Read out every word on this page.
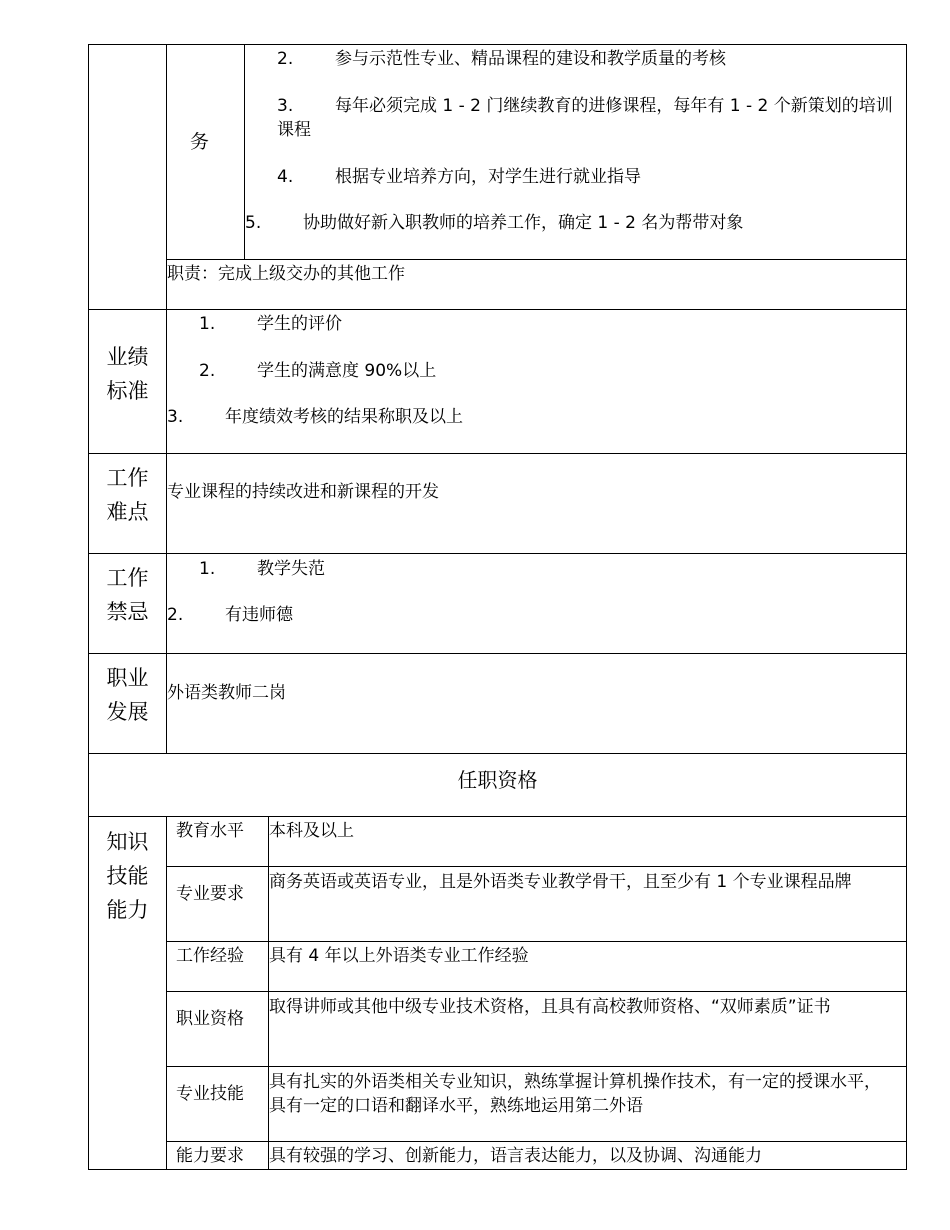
务
2. 参与示范性专业、精品课程的建设和教学质量的考核
3. 每年必须完成 1 - 2 门继续教育的进修课程，每年有 1 - 2 个新策划的培训课程
4. 根据专业培养方向，对学生进行就业指导
5. 协助做好新入职教师的培养工作，确定 1 - 2 名为帮带对象
职责：完成上级交办的其他工作
业绩
标准
1. 学生的评价
2. 学生的满意度 90%以上
3. 年度绩效考核的结果称职及以上
工作
难点
专业课程的持续改进和新课程的开发
工作
禁忌
1. 教学失范
2. 有违师德
职业
发展
外语类教师二岗
任职资格
知识
技能
能力
教育水平 本科及以上
专业要求
商务英语或英语专业，且是外语类专业教学骨干，且至少有 1 个专业课程品牌
工作经验 具有 4 年以上外语类专业工作经验
职业资格
取得讲师或其他中级专业技术资格，且具有高校教师资格、“双师素质”证书
专业技能
具有扎实的外语类相关专业知识，熟练掌握计算机操作技术，有一定的授课水平，具有一定的口语和翻译水平，熟练地运用第二外语
能力要求 具有较强的学习、创新能力，语言表达能力，以及协调、沟通能力
